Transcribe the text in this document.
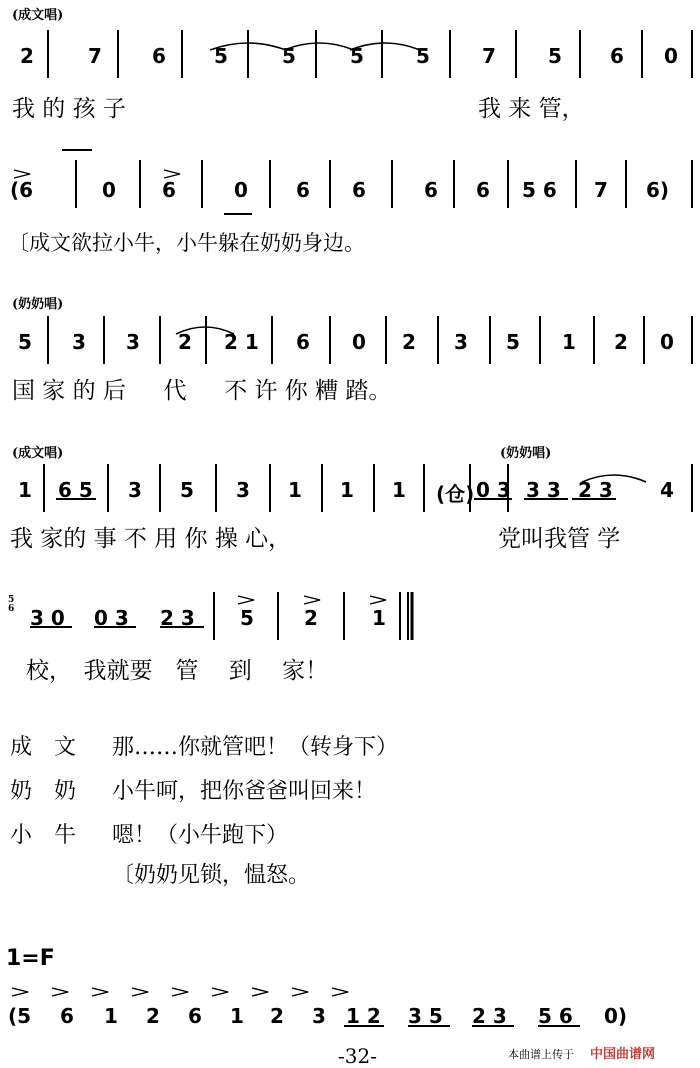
(成文唱)
2	7	6 5	5	5	5	7	5 6 0
我 的 孩 子	我 来 管，
(6	0 6	0 6 6	6 6 5 6 7 6)
〔成文欲拉小牛，小牛躲在奶奶身边。
(奶奶唱)
5 3 3 2 2 1 6 0 2 3 5 1 2 0
国 家 的 后 　 代 　 不 许 你 糟 踏。
(成文唱)	(奶奶唱)
1 6 5 3 5 3 1 1 1 (仓) 0 3 3 3 2 3 4
我 家的 事 不 用 你 操 心，	党叫我管 学
3 0 0 3 2 3 5	2	1
5 6
校，　我就要　管 　到 　家！
成　文 那……你就管吧！（转身下）
奶　奶 小牛呵，把你爸爸叫回来！
小　牛 嗯！（小牛跑下）
〔奶奶见锁，愠怒。
1=F
(5 6 1 2 6 1 2 3 1 2 3 5 2 3 5 6 0)
-32-	本曲谱上传于 中国曲谱网
